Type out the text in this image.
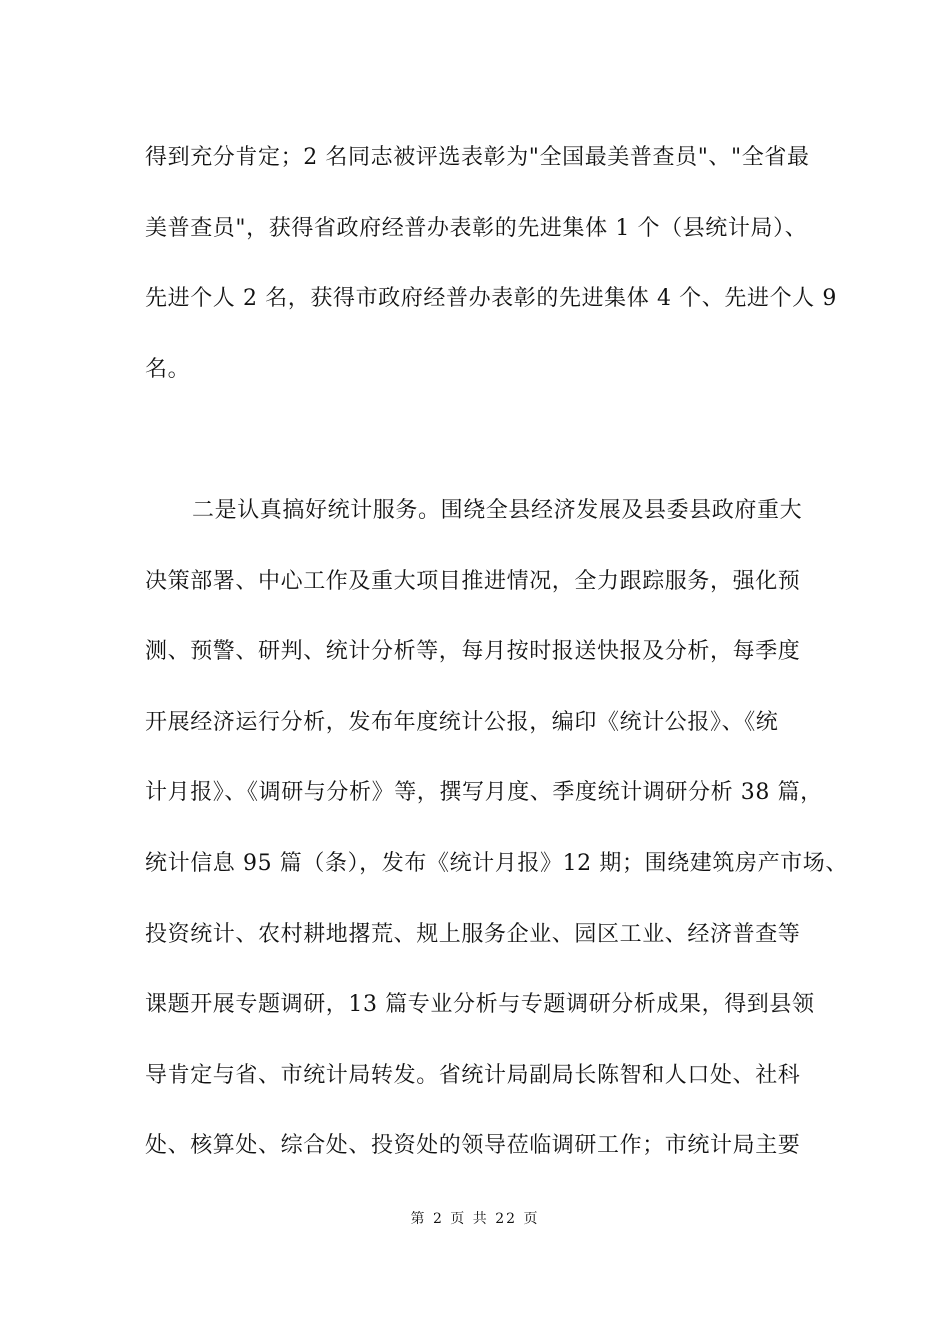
得到充分肯定；2 名同志被评选表彰为"全国最美普查员"、"全省最
美普查员"，获得省政府经普办表彰的先进集体 1 个（县统计局）、
先进个人 2 名，获得市政府经普办表彰的先进集体 4 个、先进个人 9
名。
二是认真搞好统计服务。围绕全县经济发展及县委县政府重大
决策部署、中心工作及重大项目推进情况，全力跟踪服务，强化预
测、预警、研判、统计分析等，每月按时报送快报及分析，每季度
开展经济运行分析，发布年度统计公报，编印《统计公报》、《统
计月报》、《调研与分析》等，撰写月度、季度统计调研分析 38 篇，
统计信息 95 篇（条），发布《统计月报》12 期；围绕建筑房产市场、
投资统计、农村耕地撂荒、规上服务企业、园区工业、经济普查等
课题开展专题调研，13 篇专业分析与专题调研分析成果，得到县领
导肯定与省、市统计局转发。省统计局副局长陈智和人口处、社科
处、核算处、综合处、投资处的领导莅临调研工作；市统计局主要
第 2 页 共 22 页
